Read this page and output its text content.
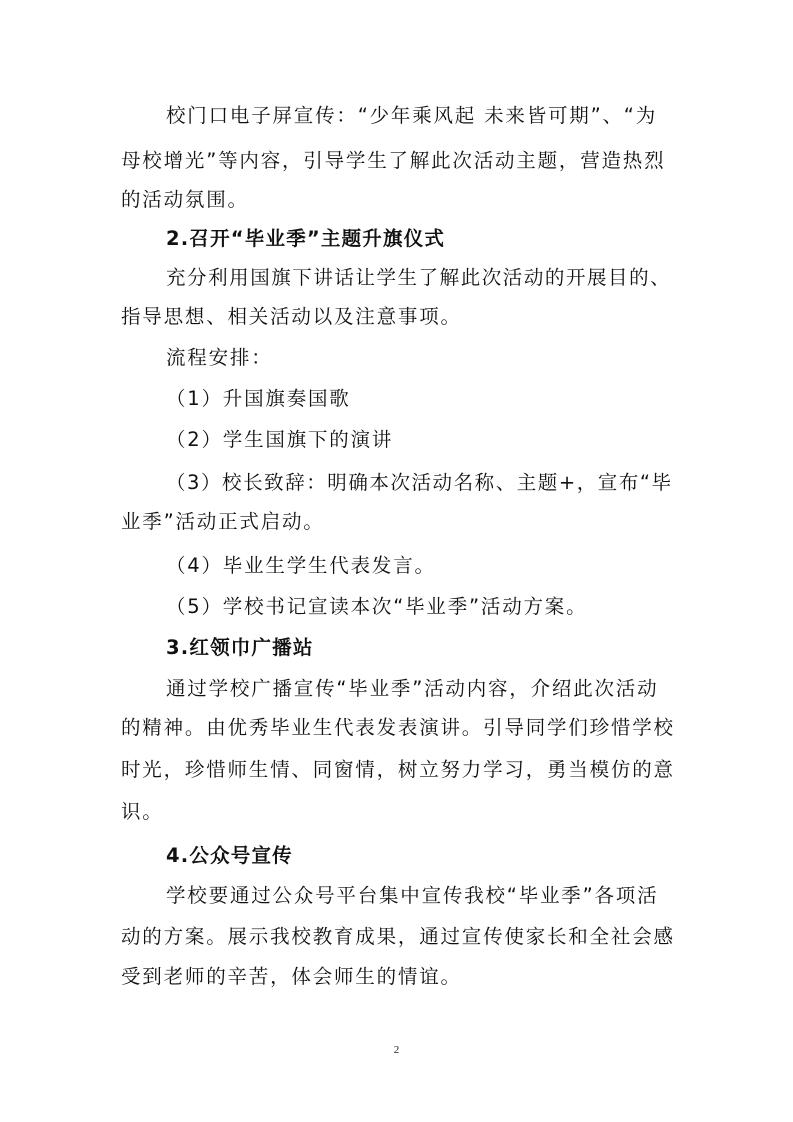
校门口电子屏宣传：“少年乘风起 未来皆可期”、“为
母校增光”等内容，引导学生了解此次活动主题，营造热烈
的活动氛围。
2.召开“毕业季”主题升旗仪式
充分利用国旗下讲话让学生了解此次活动的开展目的、
指导思想、相关活动以及注意事项。
流程安排：
（1）升国旗奏国歌
（2）学生国旗下的演讲
（3）校长致辞：明确本次活动名称、主题+，宣布“毕
业季”活动正式启动。
（4）毕业生学生代表发言。
（5）学校书记宣读本次“毕业季”活动方案。
3.红领巾广播站
通过学校广播宣传“毕业季”活动内容，介绍此次活动
的精神。由优秀毕业生代表发表演讲。引导同学们珍惜学校
时光，珍惜师生情、同窗情，树立努力学习，勇当模仿的意
识。
4.公众号宣传
学校要通过公众号平台集中宣传我校“毕业季”各项活
动的方案。展示我校教育成果，通过宣传使家长和全社会感
受到老师的辛苦，体会师生的情谊。
2
